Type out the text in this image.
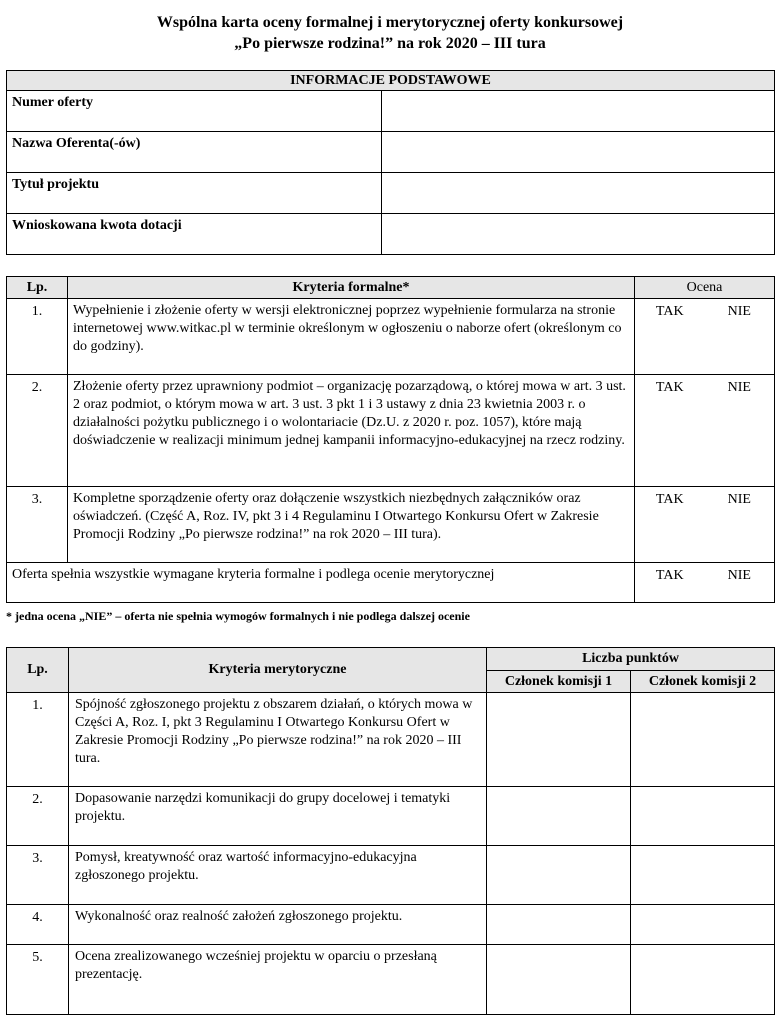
Wspólna karta oceny formalnej i merytorycznej oferty konkursowej
„Po pierwsze rodzina!” na rok 2020 – III tura
INFORMACJE PODSTAWOWE	
Numer oferty	
Nazwa Oferenta(-ów)	
Tytuł projektu	
Wnioskowana kwota dotacji	
Lp.	Kryteria formalne*	Ocena	
1.	Wypełnienie i złożenie oferty w wersji elektronicznej poprzez wypełnienie formularza na stronie internetowej www.witkac.pl w terminie określonym w ogłoszeniu o naborze ofert (określonym co do godziny).	TAK	NIE
2.	Złożenie oferty przez uprawniony podmiot – organizację pozarządową, o której mowa w art. 3 ust. 2 oraz podmiot, o którym mowa w art. 3 ust. 3 pkt 1 i 3 ustawy z dnia 23 kwietnia 2003 r. o działalności pożytku publicznego i o wolontariacie (Dz.U. z 2020 r. poz. 1057), które mają doświadczenie w realizacji minimum jednej kampanii informacyjno-edukacyjnej na rzecz rodziny.	TAK	NIE
3.	Kompletne sporządzenie oferty oraz dołączenie wszystkich niezbędnych załączników oraz oświadczeń. (Część A, Roz. IV, pkt 3 i 4 Regulaminu I Otwartego Konkursu Ofert w Zakresie Promocji Rodziny „Po pierwsze rodzina!” na rok 2020 – III tura).	TAK	NIE
Oferta spełnia wszystkie wymagane kryteria formalne i podlega ocenie merytorycznej		TAK	NIE
* jedna ocena „NIE” – oferta nie spełnia wymogów formalnych i nie podlega dalszej ocenie
Lp.	Kryteria merytoryczne	Liczba punktów	
		Członek komisji 1	Członek komisji 2
1.	Spójność zgłoszonego projektu z obszarem działań, o których mowa w Części A, Roz. I, pkt 3 Regulaminu I Otwartego Konkursu Ofert w Zakresie Promocji Rodziny „Po pierwsze rodzina!” na rok 2020 – III tura.		
2.	Dopasowanie narzędzi komunikacji do grupy docelowej i tematyki projektu.		
3.	Pomysł, kreatywność oraz wartość informacyjno-edukacyjna zgłoszonego projektu.		
4.	Wykonalność oraz realność założeń zgłoszonego projektu.		
5.	Ocena zrealizowanego wcześniej projektu w oparciu o przesłaną prezentację.		
